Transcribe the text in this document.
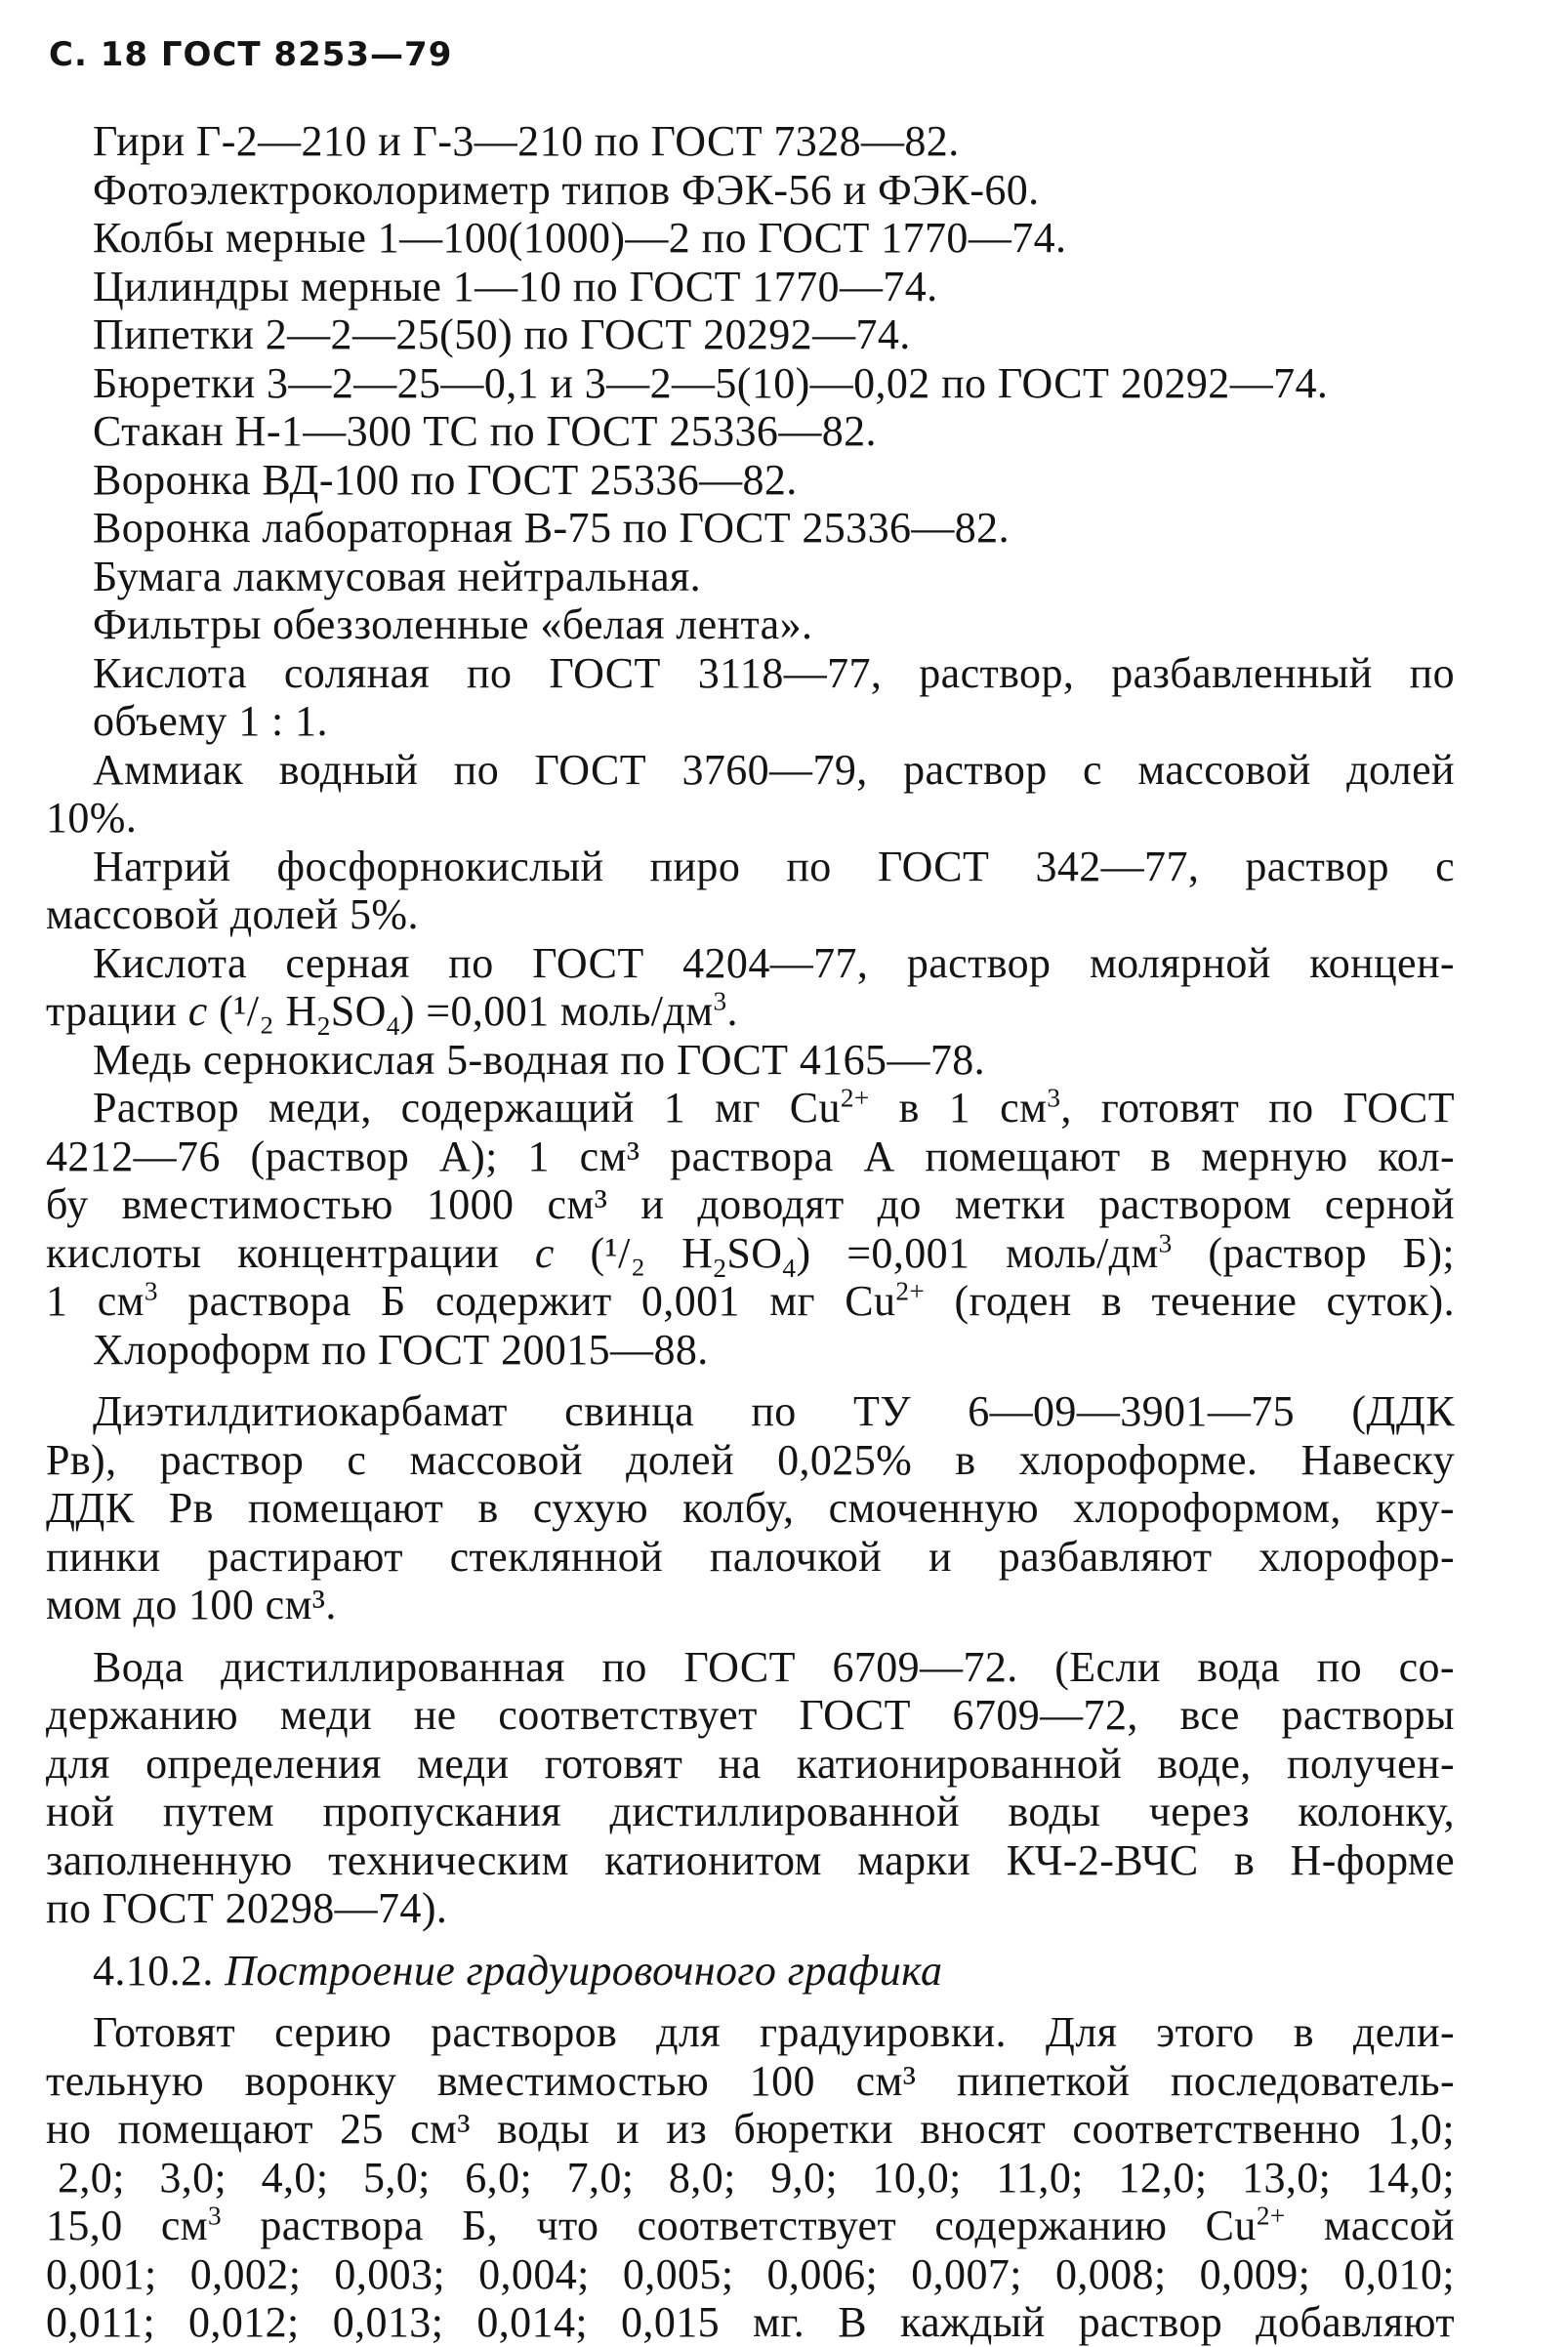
С. 18 ГОСТ 8253—79
Гири Г-2—210 и Г-3—210 по ГОСТ 7328—82.
Фотоэлектроколориметр типов ФЭК-56 и ФЭК-60.
Колбы мерные 1—100(1000)—2 по ГОСТ 1770—74.
Цилиндры мерные 1—10 по ГОСТ 1770—74.
Пипетки 2—2—25(50) по ГОСТ 20292—74.
Бюретки 3—2—25—0,1 и 3—2—5(10)—0,02 по ГОСТ 20292—74.
Стакан Н-1—300 ТС по ГОСТ 25336—82.
Воронка ВД-100 по ГОСТ 25336—82.
Воронка лабораторная В-75 по ГОСТ 25336—82.
Бумага лакмусовая нейтральная.
Фильтры обеззоленные «белая лента».
Кислота соляная по ГОСТ 3118—77, раствор, разбавленный по
объему 1 : 1.
Аммиак водный по ГОСТ 3760—79, раствор с массовой долей
10%.
Натрий фосфорнокислый пиро по ГОСТ 342—77, раствор с
массовой долей 5%.
Кислота серная по ГОСТ 4204—77, раствор молярной концен-
трации c (¹/₂ $H_2SO_4) =0,001$ моль/$дм^3$.
Медь сернокислая 5-водная по ГОСТ 4165—78.
Раствор меди, содержащий 1 мг $Cu^{2+}$ в 1 $см^3$, готовят по ГОСТ
4212—76 (раствор А); 1 см³ раствора А помещают в мерную кол-
бу вместимостью 1000 см³ и доводят до метки раствором серной
кислоты концентрации c (¹/₂ $H_2SO_4) =0,001$ моль/$дм^3$ (раствор Б);
1 $см^3$ раствора Б содержит 0,001 мг $Cu^{2+}$ (годен в течение суток).
Хлороформ по ГОСТ 20015—88.
Диэтилдитиокарбамат свинца по ТУ 6—09—3901—75 (ДДК
Рв), раствор с массовой долей 0,025% в хлороформе. Навеску
ДДК Рв помещают в сухую колбу, смоченную хлороформом, кру-
пинки растирают стеклянной палочкой и разбавляют хлорофор-
мом до 100 см³.
Вода дистиллированная по ГОСТ 6709—72. (Если вода по со-
держанию меди не соответствует ГОСТ 6709—72, все растворы
для определения меди готовят на катионированной воде, получен-
ной путем пропускания дистиллированной воды через колонку,
заполненную техническим катионитом марки КЧ-2-ВЧС в Н-форме
по ГОСТ 20298—74).
4.10.2. Построение градуировочного графика
Готовят серию растворов для градуировки. Для этого в дели-
тельную воронку вместимостью 100 см³ пипеткой последователь-
но помещают 25 см³ воды и из бюретки вносят соответственно 1,0;
2,0; 3,0; 4,0; 5,0; 6,0; 7,0; 8,0; 9,0; 10,0; 11,0; 12,0; 13,0; 14,0;
15,0 $см^3$ раствора Б, что соответствует содержанию $Cu^{2+}$ массой
0,001; 0,002; 0,003; 0,004; 0,005; 0,006; 0,007; 0,008; 0,009; 0,010;
0,011; 0,012; 0,013; 0,014; 0,015 мг. В каждый раствор добавляют
